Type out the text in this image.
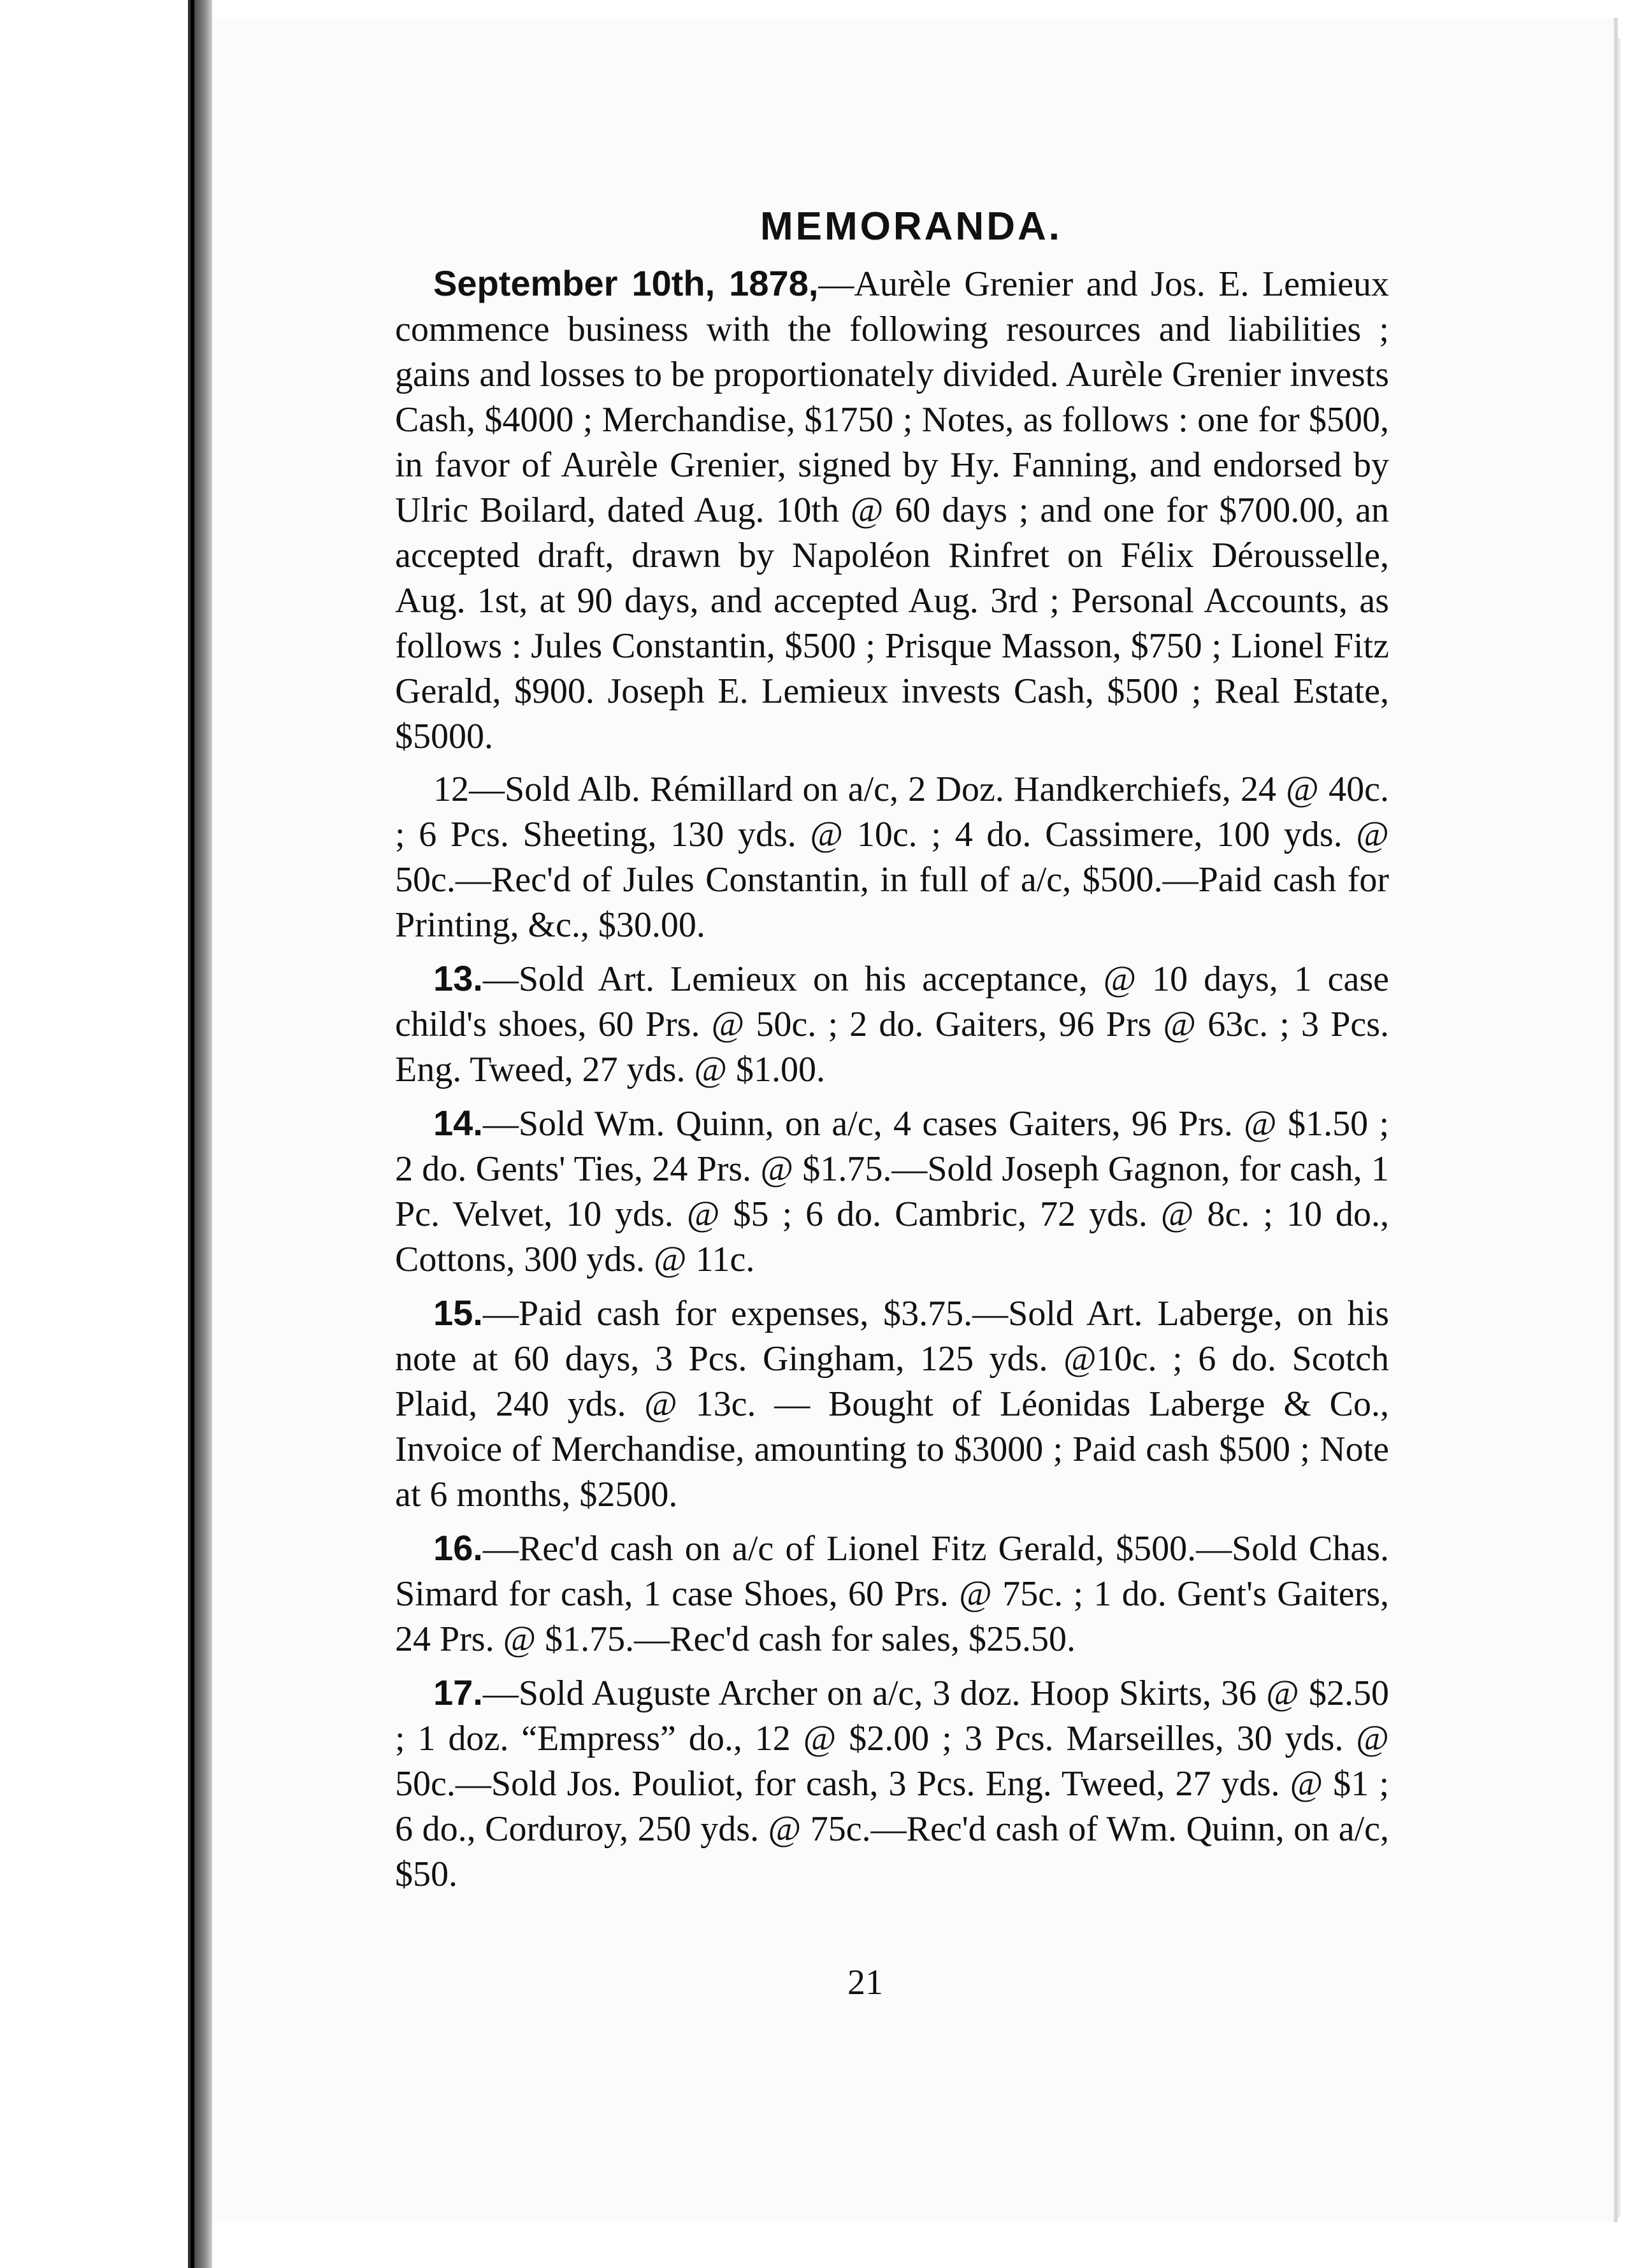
MEMORANDA.

September 10th, 1878,—Aurèle Grenier and Jos. E. Lemieux commence business with the following resources and liabilities ; gains and losses to be proportionately divided. Aurèle Grenier invests Cash, $4000 ; Merchandise, $1750 ; Notes, as follows : one for $500, in favor of Aurèle Grenier, signed by Hy. Fanning, and endorsed by Ulric Boilard, dated Aug. 10th @ 60 days ; and one for $700.00, an accepted draft, drawn by Napoléon Rinfret on Félix Dérousselle, Aug. 1st, at 90 days, and accepted Aug. 3rd ; Personal Accounts, as follows : Jules Constantin, $500 ; Prisque Masson, $750 ; Lionel Fitz Gerald, $900. Joseph E. Lemieux invests Cash, $500 ; Real Estate, $5000.

12—Sold Alb. Rémillard on a/c, 2 Doz. Handkerchiefs, 24 @ 40c. ; 6 Pcs. Sheeting, 130 yds. @ 10c. ; 4 do. Cassimere, 100 yds. @ 50c.—Rec'd of Jules Constantin, in full of a/c, $500.—Paid cash for Printing, &c., $30.00.

13.—Sold Art. Lemieux on his acceptance, @ 10 days, 1 case child's shoes, 60 Prs. @ 50c. ; 2 do. Gaiters, 96 Prs @ 63c. ; 3 Pcs. Eng. Tweed, 27 yds. @ $1.00.

14.—Sold Wm. Quinn, on a/c, 4 cases Gaiters, 96 Prs. @ $1.50 ; 2 do. Gents' Ties, 24 Prs. @ $1.75.—Sold Joseph Gagnon, for cash, 1 Pc. Velvet, 10 yds. @ $5 ; 6 do. Cambric, 72 yds. @ 8c. ; 10 do., Cottons, 300 yds. @ 11c.

15.—Paid cash for expenses, $3.75.—Sold Art. Laberge, on his note at 60 days, 3 Pcs. Gingham, 125 yds. @10c. ; 6 do. Scotch Plaid, 240 yds. @ 13c. — Bought of Léonidas Laberge & Co., Invoice of Merchandise, amounting to $3000 ; Paid cash $500 ; Note at 6 months, $2500.

16.—Rec'd cash on a/c of Lionel Fitz Gerald, $500.—Sold Chas. Simard for cash, 1 case Shoes, 60 Prs. @ 75c. ; 1 do. Gent's Gaiters, 24 Prs. @ $1.75.—Rec'd cash for sales, $25.50.

17.—Sold Auguste Archer on a/c, 3 doz. Hoop Skirts, 36 @ $2.50 ; 1 doz. “Empress” do., 12 @ $2.00 ; 3 Pcs. Marseilles, 30 yds. @ 50c.—Sold Jos. Pouliot, for cash, 3 Pcs. Eng. Tweed, 27 yds. @ $1 ; 6 do., Corduroy, 250 yds. @ 75c.—Rec'd cash of Wm. Quinn, on a/c, $50.

21
